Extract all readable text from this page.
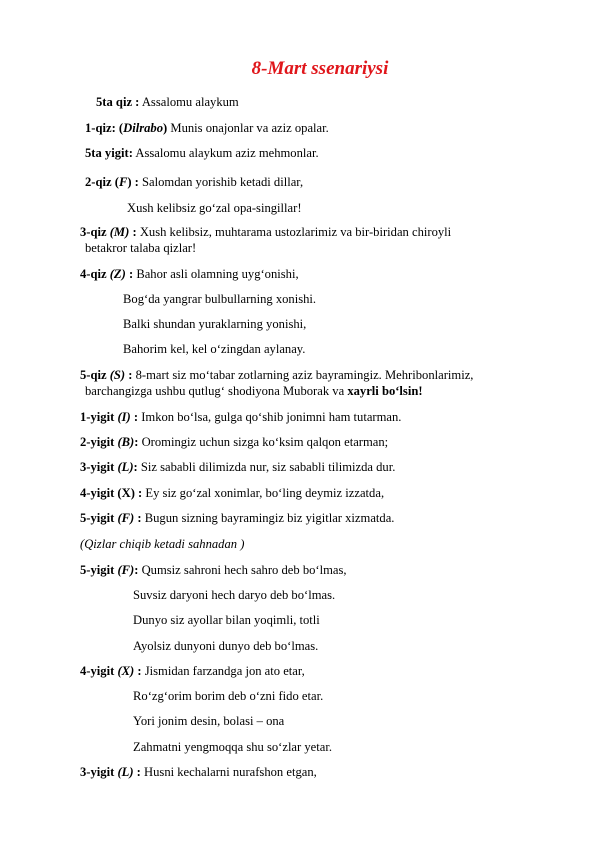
8-Mart ssenariysi
5ta qiz : Assalomu alaykum
1-qiz: (Dilrabo) Munis onajonlar va aziz opalar.
5ta yigit: Assalomu alaykum aziz mehmonlar.
2-qiz (F) : Salomdan yorishib ketadi dillar,
Xush kelibsiz go‘zal opa-singillar!
3-qiz (M) : Xush kelibsiz, muhtarama ustozlarimiz va bir-biridan chiroyli
betakror talaba qizlar!
4-qiz (Z) : Bahor asli olamning uyg‘onishi,
Bog‘da yangrar bulbullarning xonishi.
Balki shundan yuraklarning yonishi,
Bahorim kel, kel o‘zingdan aylanay.
5-qiz (S) : 8-mart siz mo‘tabar zotlarning aziz bayramingiz. Mehribonlarimiz,
barchangizga ushbu qutlug‘ shodiyona Muborak va xayrli bo‘lsin!
1-yigit (I) : Imkon bo‘lsa, gulga qo‘shib jonimni ham tutarman.
2-yigit (B): Oromingiz uchun sizga ko‘ksim qalqon etarman;
3-yigit (L): Siz sababli dilimizda nur, siz sababli tilimizda dur.
4-yigit (X) : Ey siz go‘zal xonimlar, bo‘ling deymiz izzatda,
5-yigit (F) : Bugun sizning bayramingiz biz yigitlar xizmatda.
(Qizlar chiqib ketadi sahnadan )
5-yigit (F): Qumsiz sahroni hech sahro deb bo‘lmas,
Suvsiz daryoni hech daryo deb bo‘lmas.
Dunyo siz ayollar bilan yoqimli, totli
Ayolsiz dunyoni dunyo deb bo‘lmas.
4-yigit (X) : Jismidan farzandga jon ato etar,
Ro‘zg‘orim borim deb o‘zni fido etar.
Yori jonim desin, bolasi – ona
Zahmatni yengmoqqa shu so‘zlar yetar.
3-yigit (L) : Husni kechalarni nurafshon etgan,
